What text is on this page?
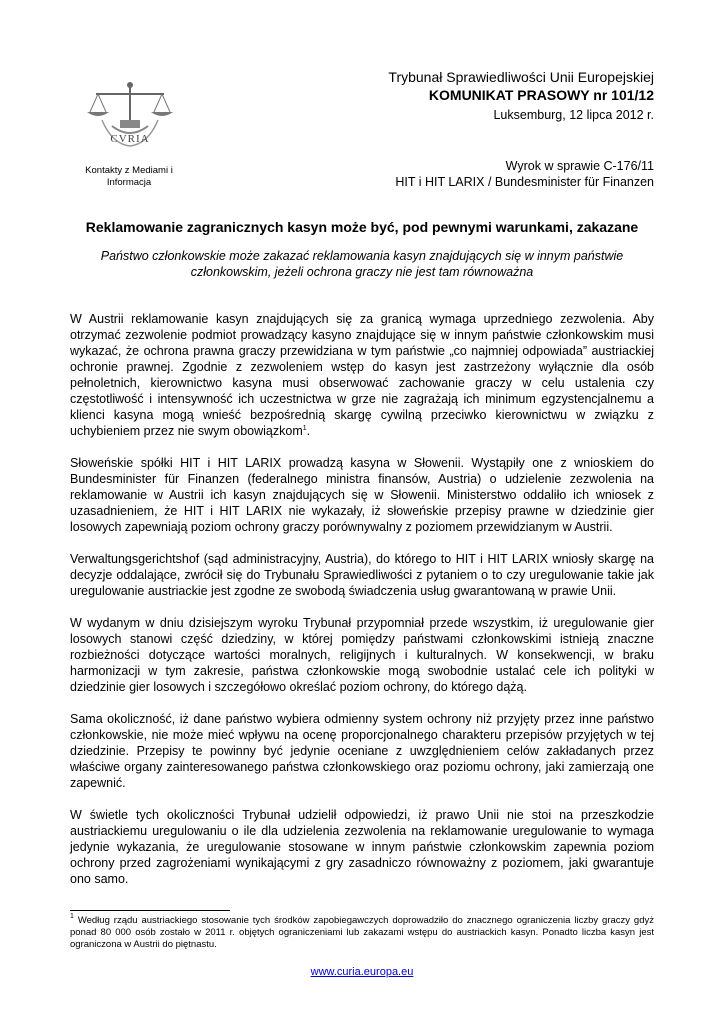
CVRIA
Kontakty z Mediami i
Informacja
Trybunał Sprawiedliwości Unii Europejskiej
KOMUNIKAT PRASOWY nr 101/12
Luksemburg, 12 lipca 2012 r.
Wyrok w sprawie C-176/11
HIT i HIT LARIX / Bundesminister für Finanzen
Reklamowanie zagranicznych kasyn może być, pod pewnymi warunkami, zakazane
Państwo członkowskie może zakazać reklamowania kasyn znajdujących się w innym państwie członkowskim, jeżeli ochrona graczy nie jest tam równoważna

W Austrii reklamowanie kasyn znajdujących się za granicą wymaga uprzedniego zezwolenia. Aby otrzymać zezwolenie podmiot prowadzący kasyno znajdujące się w innym państwie członkowskim musi wykazać, że ochrona prawna graczy przewidziana w tym państwie „co najmniej odpowiada” austriackiej ochronie prawnej. Zgodnie z zezwoleniem wstęp do kasyn jest zastrzeżony wyłącznie dla osób pełnoletnich, kierownictwo kasyna musi obserwować zachowanie graczy w celu ustalenia czy częstotliwość i intensywność ich uczestnictwa w grze nie zagrażają ich minimum egzystencjalnemu a klienci kasyna mogą wnieść bezpośrednią skargę cywilną przeciwko kierownictwu w związku z uchybieniem przez nie swym obowiązkom$^1$.

Słoweńskie spółki HIT i HIT LARIX prowadzą kasyna w Słowenii. Wystąpiły one z wnioskiem do Bundesminister für Finanzen (federalnego ministra finansów, Austria) o udzielenie zezwolenia na reklamowanie w Austrii ich kasyn znajdujących się w Słowenii. Ministerstwo oddaliło ich wniosek z uzasadnieniem, że HIT i HIT LARIX nie wykazały, iż słoweńskie przepisy prawne w dziedzinie gier losowych zapewniają poziom ochrony graczy porównywalny z poziomem przewidzianym w Austrii.

Verwaltungsgerichtshof (sąd administracyjny, Austria), do którego to HIT i HIT LARIX wniosły skargę na decyzje oddalające, zwrócił się do Trybunału Sprawiedliwości z pytaniem o to czy uregulowanie takie jak uregulowanie austriackie jest zgodne ze swobodą świadczenia usług gwarantowaną w prawie Unii.

W wydanym w dniu dzisiejszym wyroku Trybunał przypomniał przede wszystkim, iż uregulowanie gier losowych stanowi część dziedziny, w której pomiędzy państwami członkowskimi istnieją znaczne rozbieżności dotyczące wartości moralnych, religijnych i kulturalnych. W konsekwencji, w braku harmonizacji w tym zakresie, państwa członkowskie mogą swobodnie ustalać cele ich polityki w dziedzinie gier losowych i szczegółowo określać poziom ochrony, do którego dążą.

Sama okoliczność, iż dane państwo wybiera odmienny system ochrony niż przyjęty przez inne państwo członkowskie, nie może mieć wpływu na ocenę proporcjonalnego charakteru przepisów przyjętych w tej dziedzinie. Przepisy te powinny być jedynie oceniane z uwzględnieniem celów zakładanych przez właściwe organy zainteresowanego państwa członkowskiego oraz poziomu ochrony, jaki zamierzają one zapewnić.

W świetle tych okoliczności Trybunał udzielił odpowiedzi, iż prawo Unii nie stoi na przeszkodzie austriackiemu uregulowaniu o ile dla udzielenia zezwolenia na reklamowanie uregulowanie to wymaga jedynie wykazania, że uregulowanie stosowane w innym państwie członkowskim zapewnia poziom ochrony przed zagrożeniami wynikającymi z gry zasadniczo równoważny z poziomem, jaki gwarantuje ono samo.

$^1$ Według rządu austriackiego stosowanie tych środków zapobiegawczych doprowadziło do znacznego ograniczenia liczby graczy gdyż ponad 80 000 osób zostało w 2011 r. objętych ograniczeniami lub zakazami wstępu do austriackich kasyn. Ponadto liczba kasyn jest ograniczona w Austrii do piętnastu.
www.curia.europa.eu
